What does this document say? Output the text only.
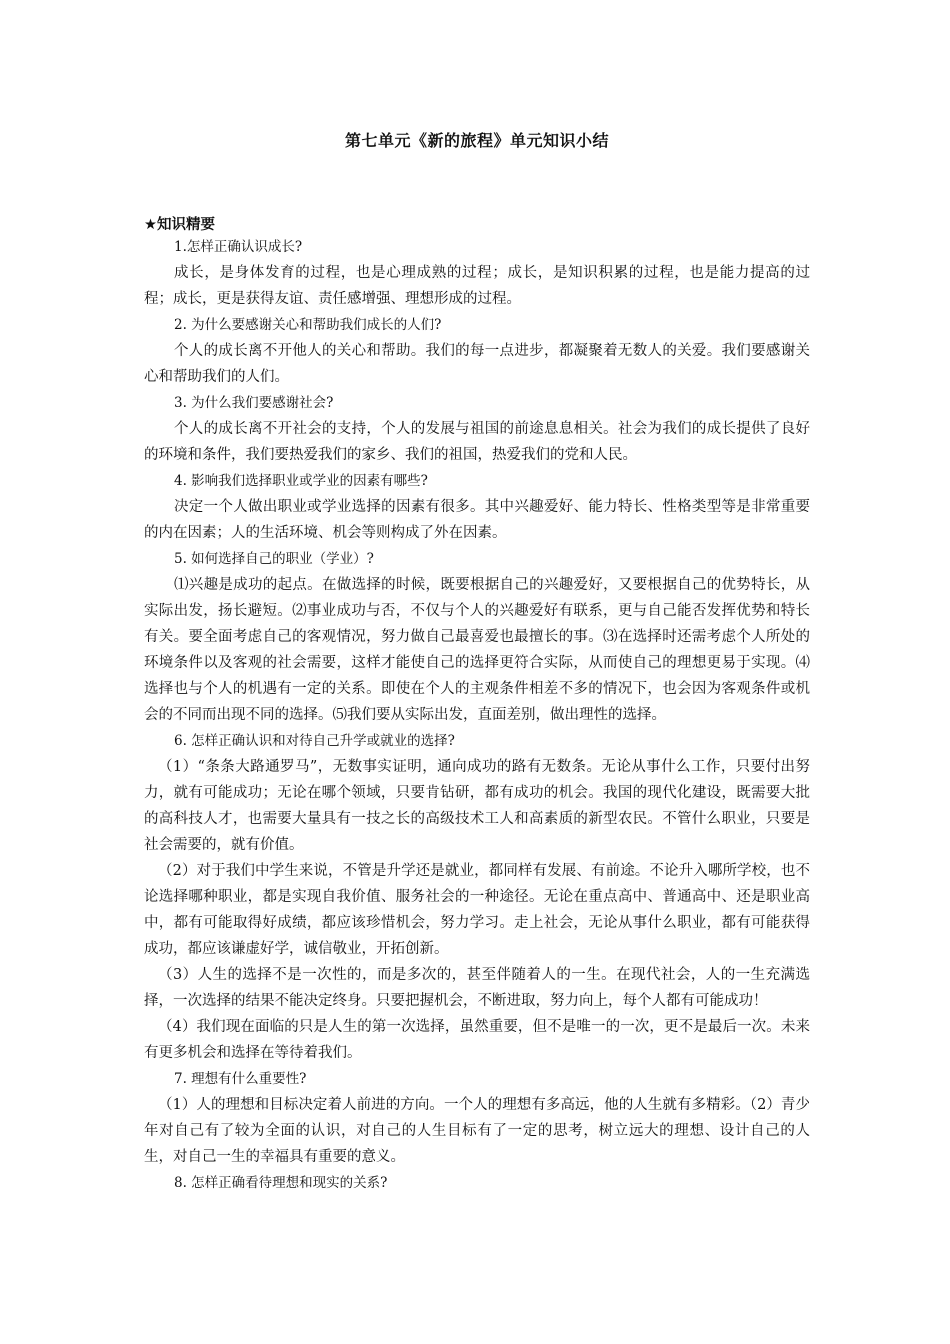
第七单元《新的旅程》单元知识小结
★知识精要

1.怎样正确认识成长?

成长，是身体发育的过程，也是心理成熟的过程；成长，是知识积累的过程，也是能力提高的过程；成长，更是获得友谊、责任感增强、理想形成的过程。

2. 为什么要感谢关心和帮助我们成长的人们?

个人的成长离不开他人的关心和帮助。我们的每一点进步，都凝聚着无数人的关爱。我们要感谢关心和帮助我们的人们。

3. 为什么我们要感谢社会?

个人的成长离不开社会的支持，个人的发展与祖国的前途息息相关。社会为我们的成长提供了良好的环境和条件，我们要热爱我们的家乡、我们的祖国，热爱我们的党和人民。

4. 影响我们选择职业或学业的因素有哪些?

决定一个人做出职业或学业选择的因素有很多。其中兴趣爱好、能力特长、性格类型等是非常重要的内在因素；人的生活环境、机会等则构成了外在因素。

5. 如何选择自己的职业（学业）?

⑴兴趣是成功的起点。在做选择的时候，既要根据自己的兴趣爱好，又要根据自己的优势特长，从实际出发，扬长避短。⑵事业成功与否，不仅与个人的兴趣爱好有联系，更与自己能否发挥优势和特长有关。要全面考虑自己的客观情况，努力做自己最喜爱也最擅长的事。⑶在选择时还需考虑个人所处的环境条件以及客观的社会需要，这样才能使自己的选择更符合实际，从而使自己的理想更易于实现。⑷选择也与个人的机遇有一定的关系。即使在个人的主观条件相差不多的情况下，也会因为客观条件或机会的不同而出现不同的选择。⑸我们要从实际出发，直面差别，做出理性的选择。

6. 怎样正确认识和对待自己升学或就业的选择?

（1）“条条大路通罗马”，无数事实证明，通向成功的路有无数条。无论从事什么工作，只要付出努力，就有可能成功；无论在哪个领域，只要肯钻研，都有成功的机会。我国的现代化建设，既需要大批的高科技人才，也需要大量具有一技之长的高级技术工人和高素质的新型农民。不管什么职业，只要是社会需要的，就有价值。

（2）对于我们中学生来说，不管是升学还是就业，都同样有发展、有前途。不论升入哪所学校，也不论选择哪种职业，都是实现自我价值、服务社会的一种途径。无论在重点高中、普通高中、还是职业高中，都有可能取得好成绩，都应该珍惜机会，努力学习。走上社会，无论从事什么职业，都有可能获得成功，都应该谦虚好学，诚信敬业，开拓创新。

（3）人生的选择不是一次性的，而是多次的，甚至伴随着人的一生。在现代社会，人的一生充满选择，一次选择的结果不能决定终身。只要把握机会，不断进取，努力向上，每个人都有可能成功！

（4）我们现在面临的只是人生的第一次选择，虽然重要，但不是唯一的一次，更不是最后一次。未来有更多机会和选择在等待着我们。

7. 理想有什么重要性?

（1）人的理想和目标决定着人前进的方向。一个人的理想有多高远，他的人生就有多精彩。（2）青少年对自己有了较为全面的认识，对自己的人生目标有了一定的思考，树立远大的理想、设计自己的人生，对自己一生的幸福具有重要的意义。

8. 怎样正确看待理想和现实的关系?
